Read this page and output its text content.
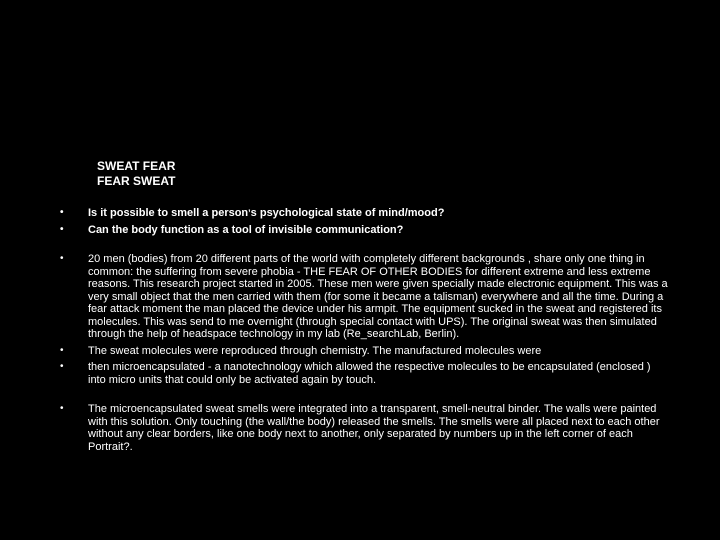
SWEAT FEAR
FEAR SWEAT
• Is it possible to smell a person’s psychological state of mind/mood?
• Can the body function as a tool of invisible communication?
• 20 men (bodies) from 20 different parts of the world with completely different backgrounds , share only one thing in common: the suffering from severe phobia - THE FEAR OF OTHER BODIES for different extreme and less extreme reasons. This research project started in 2005. These men were given specially made electronic equipment. This was a very small object that the men carried with them (for some it became a talisman) everywhere and all the time. During a fear attack moment the man placed the device under his armpit. The equipment sucked in the sweat and registered its molecules. This was send to me overnight (through special contact with UPS). The original sweat was then simulated through the help of headspace technology in my lab (Re_searchLab, Berlin).
• The sweat molecules were reproduced through chemistry. The manufactured molecules were
• then microencapsulated - a nanotechnology which allowed the respective molecules to be encapsulated (enclosed ) into micro units that could only be activated again by touch.
• The microencapsulated sweat smells were integrated into a transparent, smell-neutral binder. The walls were painted with this solution. Only touching (the wall/the body) released the smells. The smells were all placed next to each other without any clear borders, like one body next to another, only separated by numbers up in the left corner of each Portrait?.
